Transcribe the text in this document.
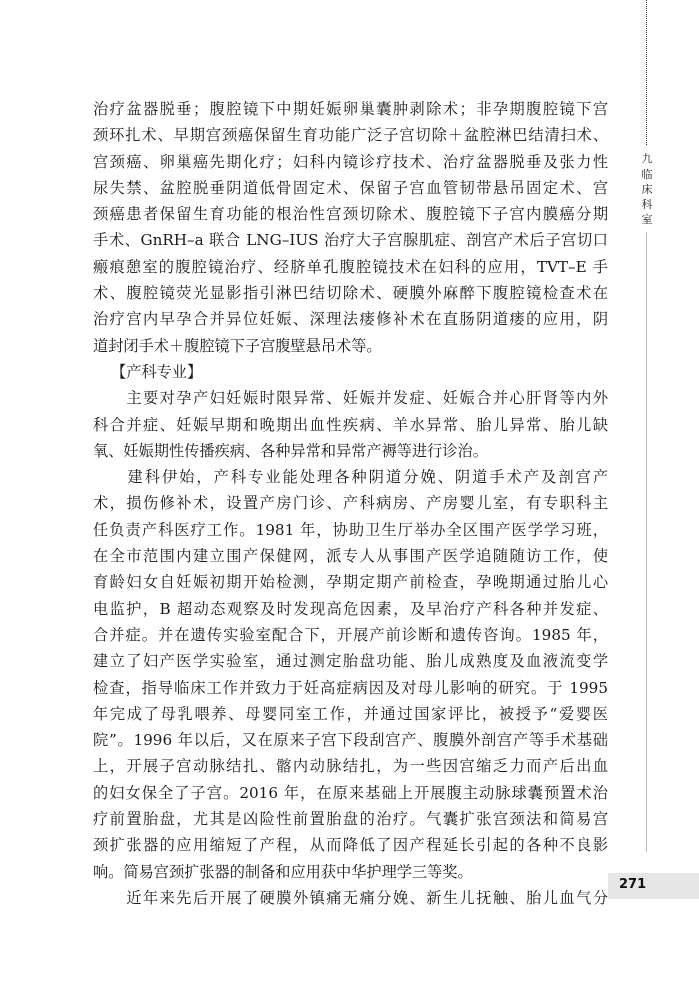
九
临床科室
271
治疗盆器脱垂；腹腔镜下中期妊娠卵巢囊肿剥除术；非孕期腹腔镜下宫
颈环扎术、早期宫颈癌保留生育功能广泛子宫切除＋盆腔淋巴结清扫术、
宫颈癌、卵巢癌先期化疗；妇科内镜诊疗技术、治疗盆器脱垂及张力性
尿失禁、盆腔脱垂阴道低骨固定术、保留子宫血管韧带悬吊固定术、宫
颈癌患者保留生育功能的根治性宫颈切除术、腹腔镜下子宫内膜癌分期
手术、GnRH–a 联合 LNG–IUS 治疗大子宫腺肌症、剖宫产术后子宫切口
瘢痕憩室的腹腔镜治疗、经脐单孔腹腔镜技术在妇科的应用，TVT–E 手
术、腹腔镜荧光显影指引淋巴结切除术、硬膜外麻醉下腹腔镜检查术在
治疗宫内早孕合并异位妊娠、深理法瘘修补术在直肠阴道瘘的应用，阴
道封闭手术＋腹腔镜下子宫腹壁悬吊术等。
【产科专业】
　　主要对孕产妇妊娠时限异常、妊娠并发症、妊娠合并心肝肾等内外
科合并症、妊娠早期和晚期出血性疾病、羊水异常、胎儿异常、胎儿缺
氧、妊娠期性传播疾病、各种异常和异常产褥等进行诊治。
　　建科伊始，产科专业能处理各种阴道分娩、阴道手术产及剖宫产
术，损伤修补术，设置产房门诊、产科病房、产房婴儿室，有专职科主
任负责产科医疗工作。1981 年，协助卫生厅举办全区围产医学学习班，
在全市范围内建立围产保健网，派专人从事围产医学追随随访工作，使
育龄妇女自妊娠初期开始检测，孕期定期产前检查，孕晚期通过胎儿心
电监护，B 超动态观察及时发现高危因素，及早治疗产科各种并发症、
合并症。并在遗传实验室配合下，开展产前诊断和遗传咨询。1985 年，
建立了妇产医学实验室，通过测定胎盘功能、胎儿成熟度及血液流变学
检查，指导临床工作并致力于妊高症病因及对母儿影响的研究。于 1995
年完成了母乳喂养、母婴同室工作，并通过国家评比，被授予“爱婴医
院”。1996 年以后，又在原来子宫下段刮宫产、腹膜外剖宫产等手术基础
上，开展子宫动脉结扎、髂内动脉结扎，为一些因宫缩乏力而产后出血
的妇女保全了子宫。2016 年，在原来基础上开展腹主动脉球囊预置术治
疗前置胎盘，尤其是凶险性前置胎盘的治疗。气囊扩张宫颈法和简易宫
颈扩张器的应用缩短了产程，从而降低了因产程延长引起的各种不良影
响。简易宫颈扩张器的制备和应用获中华护理学三等奖。
　　近年来先后开展了硬膜外镇痛无痛分娩、新生儿抚触、胎儿血气分
